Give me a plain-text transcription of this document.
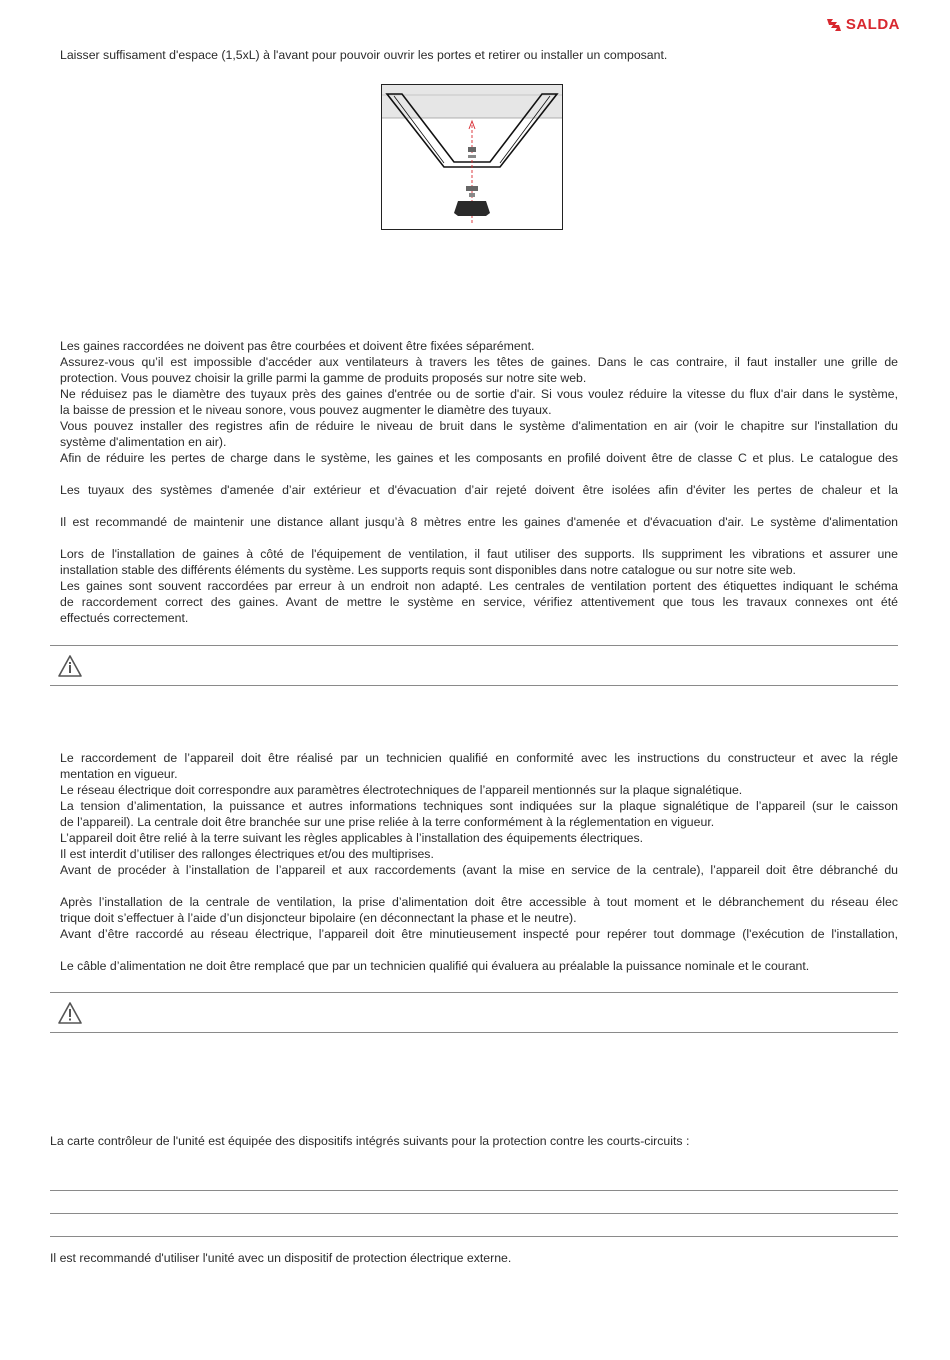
SALDA

Laisser suffisament d'espace (1,5xL) à l'avant pour pouvoir ouvrir les portes et retirer ou installer un composant.

Les gaines raccordées ne doivent pas être courbées et doivent être fixées séparément.
Assurez-vous qu’il est impossible d'accéder aux ventilateurs à travers les têtes de gaines. Dans le cas contraire, il faut installer une grille de
protection. Vous pouvez choisir la grille parmi la gamme de produits proposés sur notre site web.
Ne réduisez pas le diamètre des tuyaux près des gaines d'entrée ou de sortie d'air. Si vous voulez réduire la vitesse du flux d'air dans le système,
la baisse de pression et le niveau sonore, vous pouvez augmenter le diamètre des tuyaux.
Vous pouvez installer des registres afin de réduire le niveau de bruit dans le système d'alimentation en air (voir le chapitre sur l'installation du
système d'alimentation en air).
Afin de réduire les pertes de charge dans le système, les gaines et les composants en profilé doivent être de classe C et plus. Le catalogue des
Les tuyaux des systèmes d'amenée d’air extérieur et d'évacuation d’air rejeté doivent être isolées afin d'éviter les pertes de chaleur et la
Il est recommandé de maintenir une distance allant jusqu’à 8 mètres entre les gaines d'amenée et d'évacuation d'air. Le système d'alimentation
Lors de l'installation de gaines à côté de l'équipement de ventilation, il faut utiliser des supports. Ils suppriment les vibrations et assurer une
installation stable des différents éléments du système. Les supports requis sont disponibles dans notre catalogue ou sur notre site web.
Les gaines sont souvent raccordées par erreur à un endroit non adapté. Les centrales de ventilation portent des étiquettes indiquant le schéma
de raccordement correct des gaines. Avant de mettre le système en service, vérifiez attentivement que tous les travaux connexes ont été
effectués correctement.
Le raccordement de l’appareil doit être réalisé par un technicien qualifié en conformité avec les instructions du constructeur et avec la régle
mentation en vigueur.
Le réseau électrique doit correspondre aux paramètres électrotechniques de l’appareil mentionnés sur la plaque signalétique.
La tension d’alimentation, la puissance et autres informations techniques sont indiquées sur la plaque signalétique de l’appareil (sur le caisson
de l’appareil). La centrale doit être branchée sur une prise reliée à la terre conformément à la réglementation en vigueur.
L’appareil doit être relié à la terre suivant les règles applicables à l’installation des équipements électriques.
Il est interdit d’utiliser des rallonges électriques et/ou des multiprises.
Avant de procéder à l’installation de l’appareil et aux raccordements (avant la mise en service de la centrale), l’appareil doit être débranché du
Après l’installation de la centrale de ventilation, la prise d’alimentation doit être accessible à tout moment et le débranchement du réseau élec
trique doit s’effectuer à l’aide d’un disjoncteur bipolaire (en déconnectant la phase et le neutre).
Avant d’être raccordé au réseau électrique, l’appareil doit être minutieusement inspecté pour repérer tout dommage (l'exécution de l'installation,
Le câble d’alimentation ne doit être remplacé que par un technicien qualifié qui évaluera au préalable la puissance nominale et le courant.

La carte contrôleur de l'unité est équipée des dispositifs intégrés suivants pour la protection contre les courts-circuits :

Il est recommandé d'utiliser l'unité avec un dispositif de protection électrique externe.
